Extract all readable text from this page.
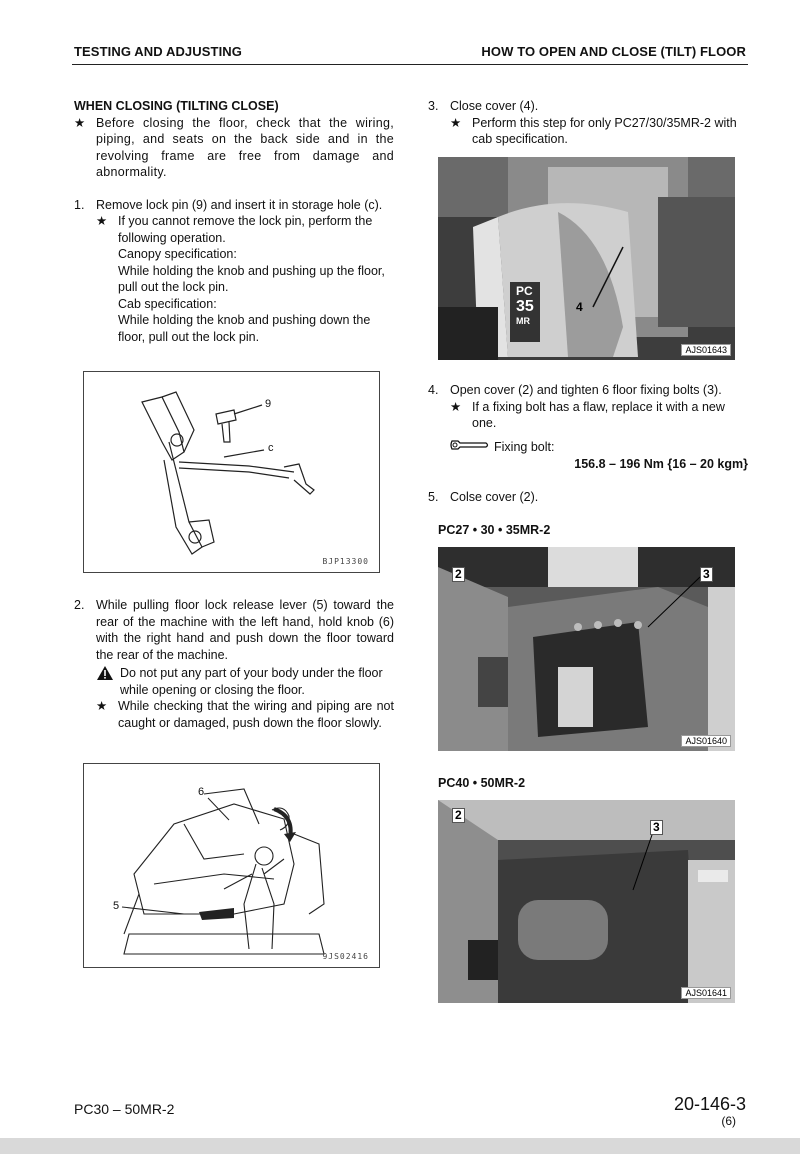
TESTING AND ADJUSTING	HOW TO OPEN AND CLOSE (TILT) FLOOR
WHEN CLOSING (TILTING CLOSE)
★ Before closing the floor, check that the wiring, piping, and seats on the back side and in the revolving frame are free from damage and abnormality.
1. Remove lock pin (9) and insert it in storage hole (c).
★ If you cannot remove the lock pin, perform the following operation.
Canopy specification:
While holding the knob and pushing up the floor, pull out the lock pin.
Cab specification:
While holding the knob and pushing down the floor, pull out the lock pin.
9
c
BJP13300
2. While pulling floor lock release lever (5) toward the rear of the machine with the left hand, hold knob (6) with the right hand and push down the floor toward the rear of the machine.
Do not put any part of your body under the floor while opening or closing the floor.
★ While checking that the wiring and piping are not caught or damaged, push down the floor slowly.
6
5
9JS02416
3. Close cover (4).
★ Perform this step for only PC27/30/35MR-2 with cab specification.
PC
35
MR
4
AJS01643
4. Open cover (2) and tighten 6 floor fixing bolts (3).
★ If a fixing bolt has a flaw, replace it with a new one.
Fixing bolt:
156.8 – 196 Nm {16 – 20 kgm}
5. Colse cover (2).
PC27 • 30 • 35MR-2
2	3
AJS01640
PC40 • 50MR-2
2
3
AJS01641
PC30 – 50MR-2	20-146-3
(6)
